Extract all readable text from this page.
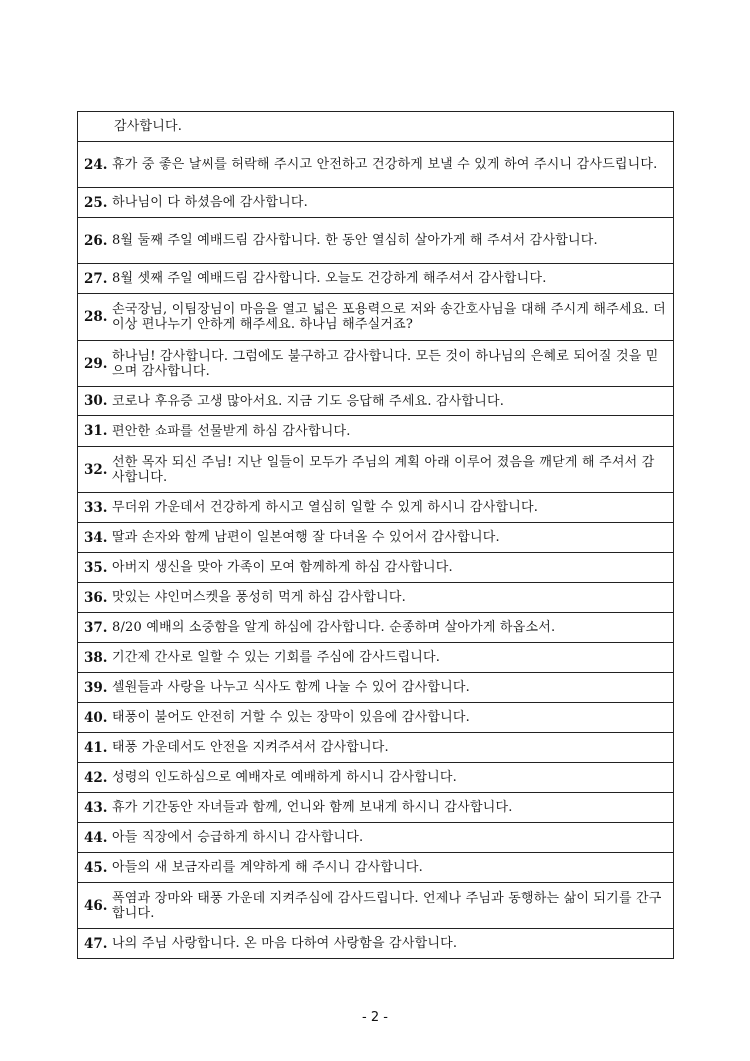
감사합니다.
24. 휴가 중 좋은 날씨를 허락해 주시고 안전하고 건강하게 보낼 수 있게 하여 주시니 감사드립니다.
25. 하나님이 다 하셨음에 감사합니다.
26. 8월 둘째 주일 예배드림 감사합니다. 한 동안 열심히 살아가게 해 주셔서 감사합니다.
27. 8월 셋째 주일 예배드림 감사합니다. 오늘도 건강하게 해주셔서 감사합니다.
28. 손국장님, 이팀장님이 마음을 열고 넓은 포용력으로 저와 송간호사님을 대해 주시게 해주세요. 더 이상 편나누기 안하게 해주세요. 하나님 해주실거죠?
29. 하나님! 감사합니다. 그럼에도 불구하고 감사합니다. 모든 것이 하나님의 은혜로 되어질 것을 믿으며 감사합니다.
30. 코로나 후유증 고생 많아서요. 지금 기도 응답해 주세요. 감사합니다.
31. 편안한 쇼파를 선물받게 하심 감사합니다.
32. 선한 목자 되신 주님! 지난 일들이 모두가 주님의 계획 아래 이루어 졌음을 깨닫게 해 주셔서 감사합니다.
33. 무더위 가운데서 건강하게 하시고 열심히 일할 수 있게 하시니 감사합니다.
34. 딸과 손자와 함께 남편이 일본여행 잘 다녀올 수 있어서 감사합니다.
35. 아버지 생신을 맞아 가족이 모여 함께하게 하심 감사합니다.
36. 맛있는 샤인머스켓을 풍성히 먹게 하심 감사합니다.
37. 8/20 예배의 소중함을 알게 하심에 감사합니다. 순종하며 살아가게 하옵소서.
38. 기간제 간사로 일할 수 있는 기회를 주심에 감사드립니다.
39. 셀원들과 사랑을 나누고 식사도 함께 나눌 수 있어 감사합니다.
40. 태풍이 불어도 안전히 거할 수 있는 장막이 있음에 감사합니다.
41. 태풍 가운데서도 안전을 지켜주셔서 감사합니다.
42. 성령의 인도하심으로 예배자로 예배하게 하시니 감사합니다.
43. 휴가 기간동안 자녀들과 함께, 언니와 함께 보내게 하시니 감사합니다.
44. 아들 직장에서 승급하게 하시니 감사합니다.
45. 아들의 새 보금자리를 계약하게 해 주시니 감사합니다.
46. 폭염과 장마와 태풍 가운데 지켜주심에 감사드립니다. 언제나 주님과 동행하는 삶이 되기를 간구합니다.
47. 나의 주님 사랑합니다. 온 마음 다하여 사랑함을 감사합니다.
- 2 -
